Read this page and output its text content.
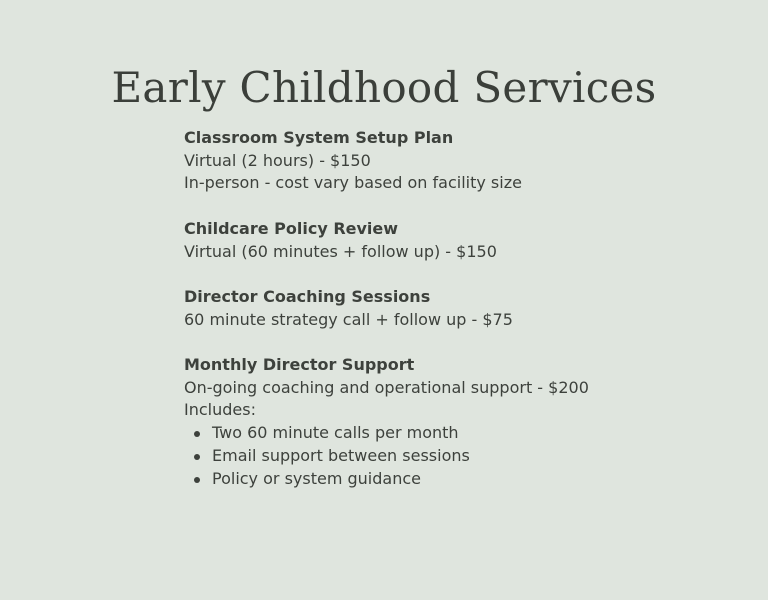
Early Childhood Services
Classroom System Setup Plan
Virtual (2 hours) - $150
In-person - cost vary based on facility size
Childcare Policy Review
Virtual (60 minutes + follow up) - $150
Director Coaching Sessions
60 minute strategy call + follow up - $75
Monthly Director Support
On-going coaching and operational support - $200
Includes:
Two 60 minute calls per month
Email support between sessions
Policy or system guidance
